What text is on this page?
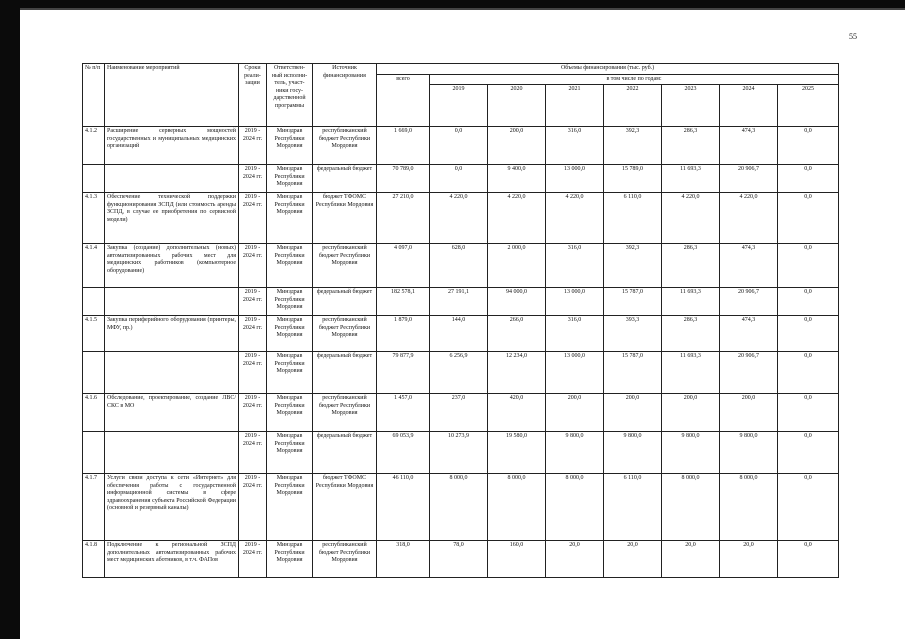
55
№ п/п	Наименование мероприятий	Сроки реали- зации	Ответствен- ный исполни- тель, участ- ники госу- дарственной программы	Источник финансирования	Объемы финансирования (тыс. руб.)							
					всего	в том числе по годам:						
						2019	2020	2021	2022	2023	2024	2025
4.1.2	Расширение серверных мощностей государственных и муниципальных медицинских организаций	2019 - 2024 гг.	Минздрав Республики Мордовия	республиканский бюджет Республики Мордовия	1 669,0	0,0	200,0	316,0	392,3	286,3	474,3	0,0
		2019 - 2024 гг.	Минздрав Республики Мордовия	федеральный бюджет	70 789,0	0,0	9 400,0	13 000,0	15 789,0	11 693,3	20 906,7	0,0
4.1.3	Обеспечение технической поддержки функционирования ЗСПД (или стоимость аренды ЗСПД, в случае ее приобретения по сервисной модели)	2019 - 2024 гг.	Минздрав Республики Мордовия	бюджет ТФОМС Республики Мордовия	27 210,0	4 220,0	4 220,0	4 220,0	6 110,0	4 220,0	4 220,0	0,0
4.1.4	Закупка (создание) дополнительных (новых) автоматизированных рабочих мест для медицинских работников (компьютерное оборудование)	2019 - 2024 гг.	Минздрав Республики Мордовия	республиканский бюджет Республики Мордовия	4 097,0	628,0	2 000,0	316,0	392,3	286,3	474,3	0,0
		2019 - 2024 гг.	Минздрав Республики Мордовия	федеральный бюджет	182 578,1	27 191,1	94 000,0	13 000,0	15 787,0	11 693,3	20 906,7	0,0
4.1.5	Закупка периферийного оборудования (принтеры, МФУ, пр.)	2019 - 2024 гг.	Минздрав Республики Мордовия	республиканский бюджет Республики Мордовия	1 879,0	144,0	266,0	316,0	393,3	286,3	474,3	0,0
		2019 - 2024 гг.	Минздрав Республики Мордовия	федеральный бюджет	79 877,9	6 256,9	12 234,0	13 000,0	15 787,0	11 693,3	20 906,7	0,0
4.1.6	Обследование, проектирование, создание ЛВС/СКС в МО	2019 - 2024 гг.	Минздрав Республики Мордовия	республиканский бюджет Республики Мордовия	1 457,0	237,0	420,0	200,0	200,0	200,0	200,0	0,0
		2019 - 2024 гг.	Минздрав Республики Мордовия	федеральный бюджет	69 053,9	10 273,9	19 580,0	9 800,0	9 800,0	9 800,0	9 800,0	0,0
4.1.7	Услуги связи доступа к сети «Интернет» для обеспечения работы с государственной информационной системы в сфере здравоохранения субъекта Российской Федерации (основной и резервный каналы)	2019 - 2024 гг.	Минздрав Республики Мордовия	бюджет ТФОМС Республики Мордовия	46 110,0	8 000,0	8 000,0	8 000,0	6 110,0	8 000,0	8 000,0	0,0
4.1.8	Подключение к региональной ЗСПД дополнительных автоматизированных рабочих мест медицинских аботников, в т.ч. ФАПов	2019 - 2024 гг.	Минздрав Республики Мордовия	республиканский бюджет Республики Мордовия	318,0	78,0	160,0	20,0	20,0	20,0	20,0	0,0
